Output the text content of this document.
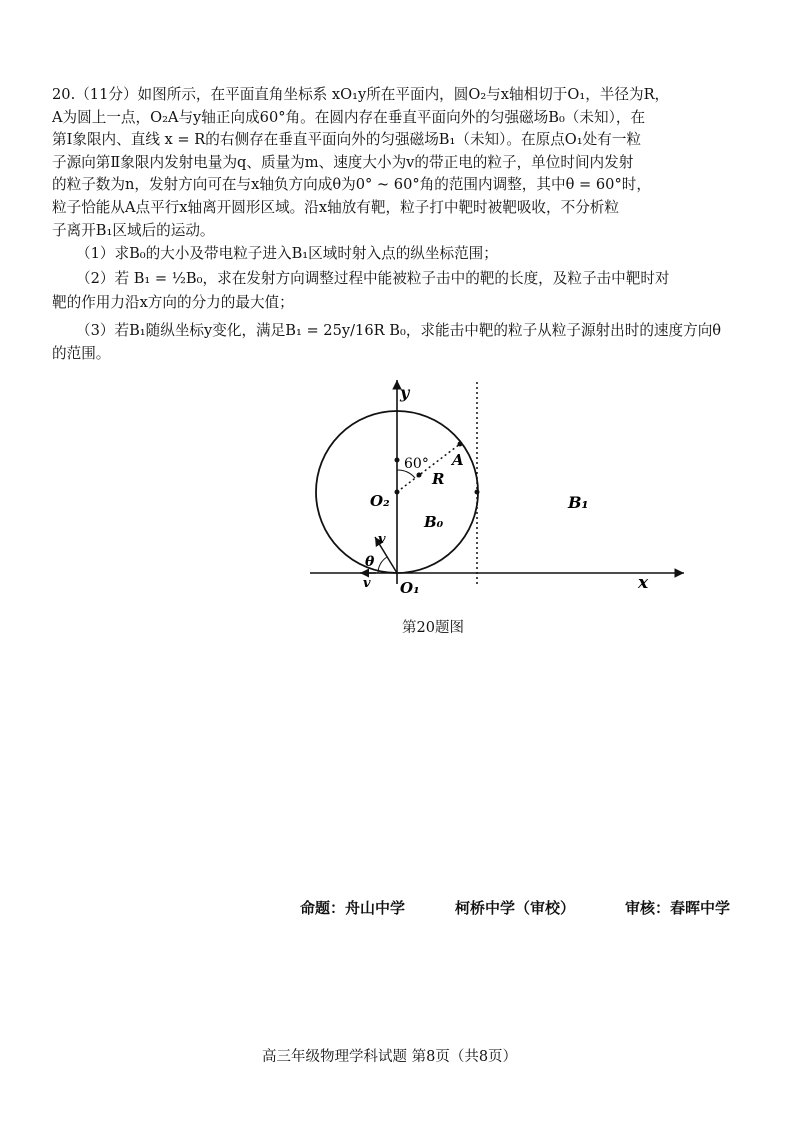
20.（11分）如图所示，在平面直角坐标系 xO₁y所在平面内，圆O₂与x轴相切于O₁，半径为R，

A为圆上一点，O₂A与y轴正向成60°角。在圆内存在垂直平面向外的匀强磁场B₀（未知），在

第Ⅰ象限内、直线 x = R的右侧存在垂直平面向外的匀强磁场B₁（未知）。在原点O₁处有一粒

子源向第Ⅱ象限内发射电量为q、质量为m、速度大小为v的带正电的粒子，单位时间内发射

的粒子数为n，发射方向可在与x轴负方向成θ为0° ~ 60°角的范围内调整，其中θ = 60°时，

粒子恰能从A点平行x轴离开圆形区域。沿x轴放有靶，粒子打中靶时被靶吸收，不分析粒

子离开B₁区域后的运动。

（1）求B₀的大小及带电粒子进入B₁区域时射入点的纵坐标范围；
（2）若 B₁ = ½B₀，求在发射方向调整过程中能被粒子击中的靶的长度，及粒子击中靶时对
靶的作用力沿x方向的分力的最大值；
（3）若B₁随纵坐标y变化，满足B₁ = 25y/16R B₀，求能击中靶的粒子从粒子源射出时的速度方向θ
的范围。
y
x
60° A
R
O₂
B₀
B₁
v
v
θ
O₁
第20题图
命题：舟山中学	柯桥中学（审校）	审核：春晖中学
高三年级物理学科试题 第8页（共8页）
